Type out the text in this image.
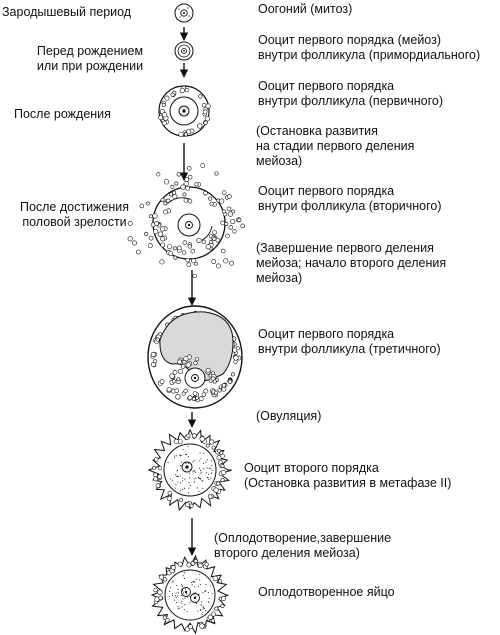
Зародышевый период
Перед рождением
или при рождении
После рождения
После достижения
половой зрелости
Оогоний (митоз)
Ооцит первого порядка (мейоз)
внутри фолликула (примордиального)
Ооцит первого порядка
внутри фолликула (первичного)
(Остановка развития
на стадии первого деления
мейоза)
Ооцит первого порядка
внутри фолликула (вторичного)
(Завершение первого деления
мейоза; начало второго деления
мейоза)
Ооцит первого порядка
внутри фолликула (третичного)
(Овуляция)
Ооцит второго порядка
(Остановка развития в метафазе II)
(Оплодотворение,завершение
второго деления мейоза)
Оплодотворенное яйцо
